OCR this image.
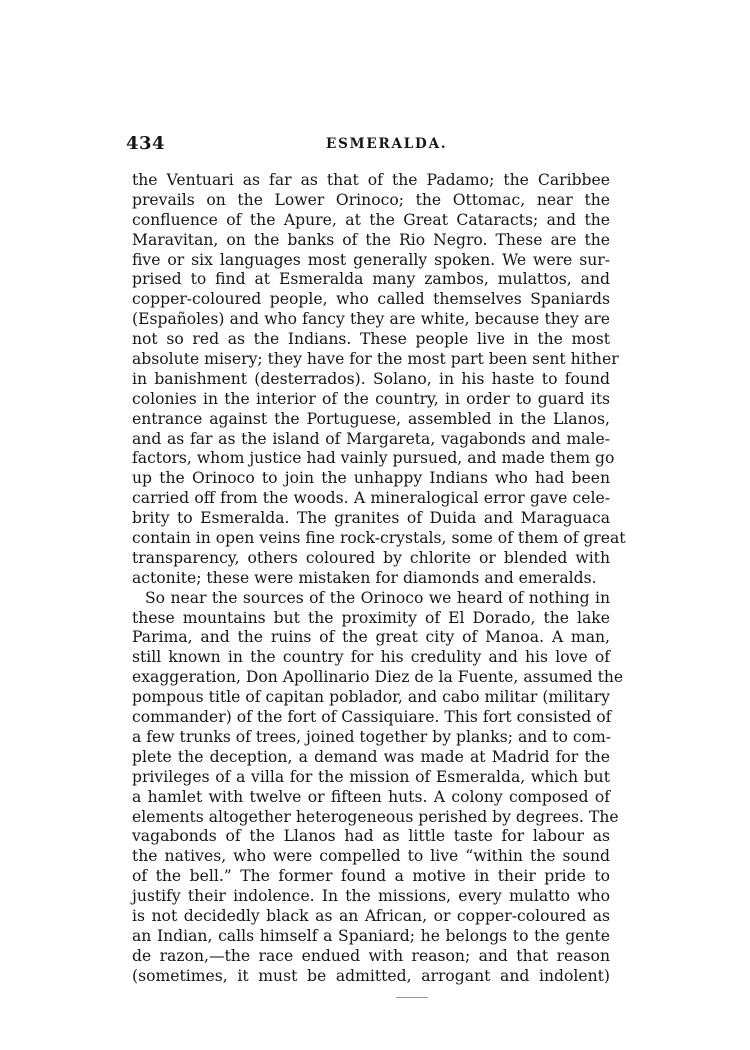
434	ESMERALDA.
the Ventuari as far as that of the Padamo; the Caribbee
prevails on the Lower Orinoco; the Ottomac, near the
confluence of the Apure, at the Great Cataracts; and the
Maravitan, on the banks of the Rio Negro. These are the
five or six languages most generally spoken. We were sur-
prised to find at Esmeralda many zambos, mulattos, and
copper-coloured people, who called themselves Spaniards
(Españoles) and who fancy they are white, because they are
not so red as the Indians. These people live in the most
absolute misery; they have for the most part been sent hither
in banishment (desterrados). Solano, in his haste to found
colonies in the interior of the country, in order to guard its
entrance against the Portuguese, assembled in the Llanos,
and as far as the island of Margareta, vagabonds and male-
factors, whom justice had vainly pursued, and made them go
up the Orinoco to join the unhappy Indians who had been
carried off from the woods. A mineralogical error gave cele-
brity to Esmeralda. The granites of Duida and Maraguaca
contain in open veins fine rock-crystals, some of them of great
transparency, others coloured by chlorite or blended with
actonite; these were mistaken for diamonds and emeralds.
So near the sources of the Orinoco we heard of nothing in
these mountains but the proximity of El Dorado, the lake
Parima, and the ruins of the great city of Manoa. A man,
still known in the country for his credulity and his love of
exaggeration, Don Apollinario Diez de la Fuente, assumed the
pompous title of capitan poblador, and cabo militar (military
commander) of the fort of Cassiquiare. This fort consisted of
a few trunks of trees, joined together by planks; and to com-
plete the deception, a demand was made at Madrid for the
privileges of a villa for the mission of Esmeralda, which but
a hamlet with twelve or fifteen huts. A colony composed of
elements altogether heterogeneous perished by degrees. The
vagabonds of the Llanos had as little taste for labour as
the natives, who were compelled to live “within the sound
of the bell.” The former found a motive in their pride to
justify their indolence. In the missions, every mulatto who
is not decidedly black as an African, or copper-coloured as
an Indian, calls himself a Spaniard; he belongs to the gente
de razon,—the race endued with reason; and that reason
(sometimes, it must be admitted, arrogant and indolent)
